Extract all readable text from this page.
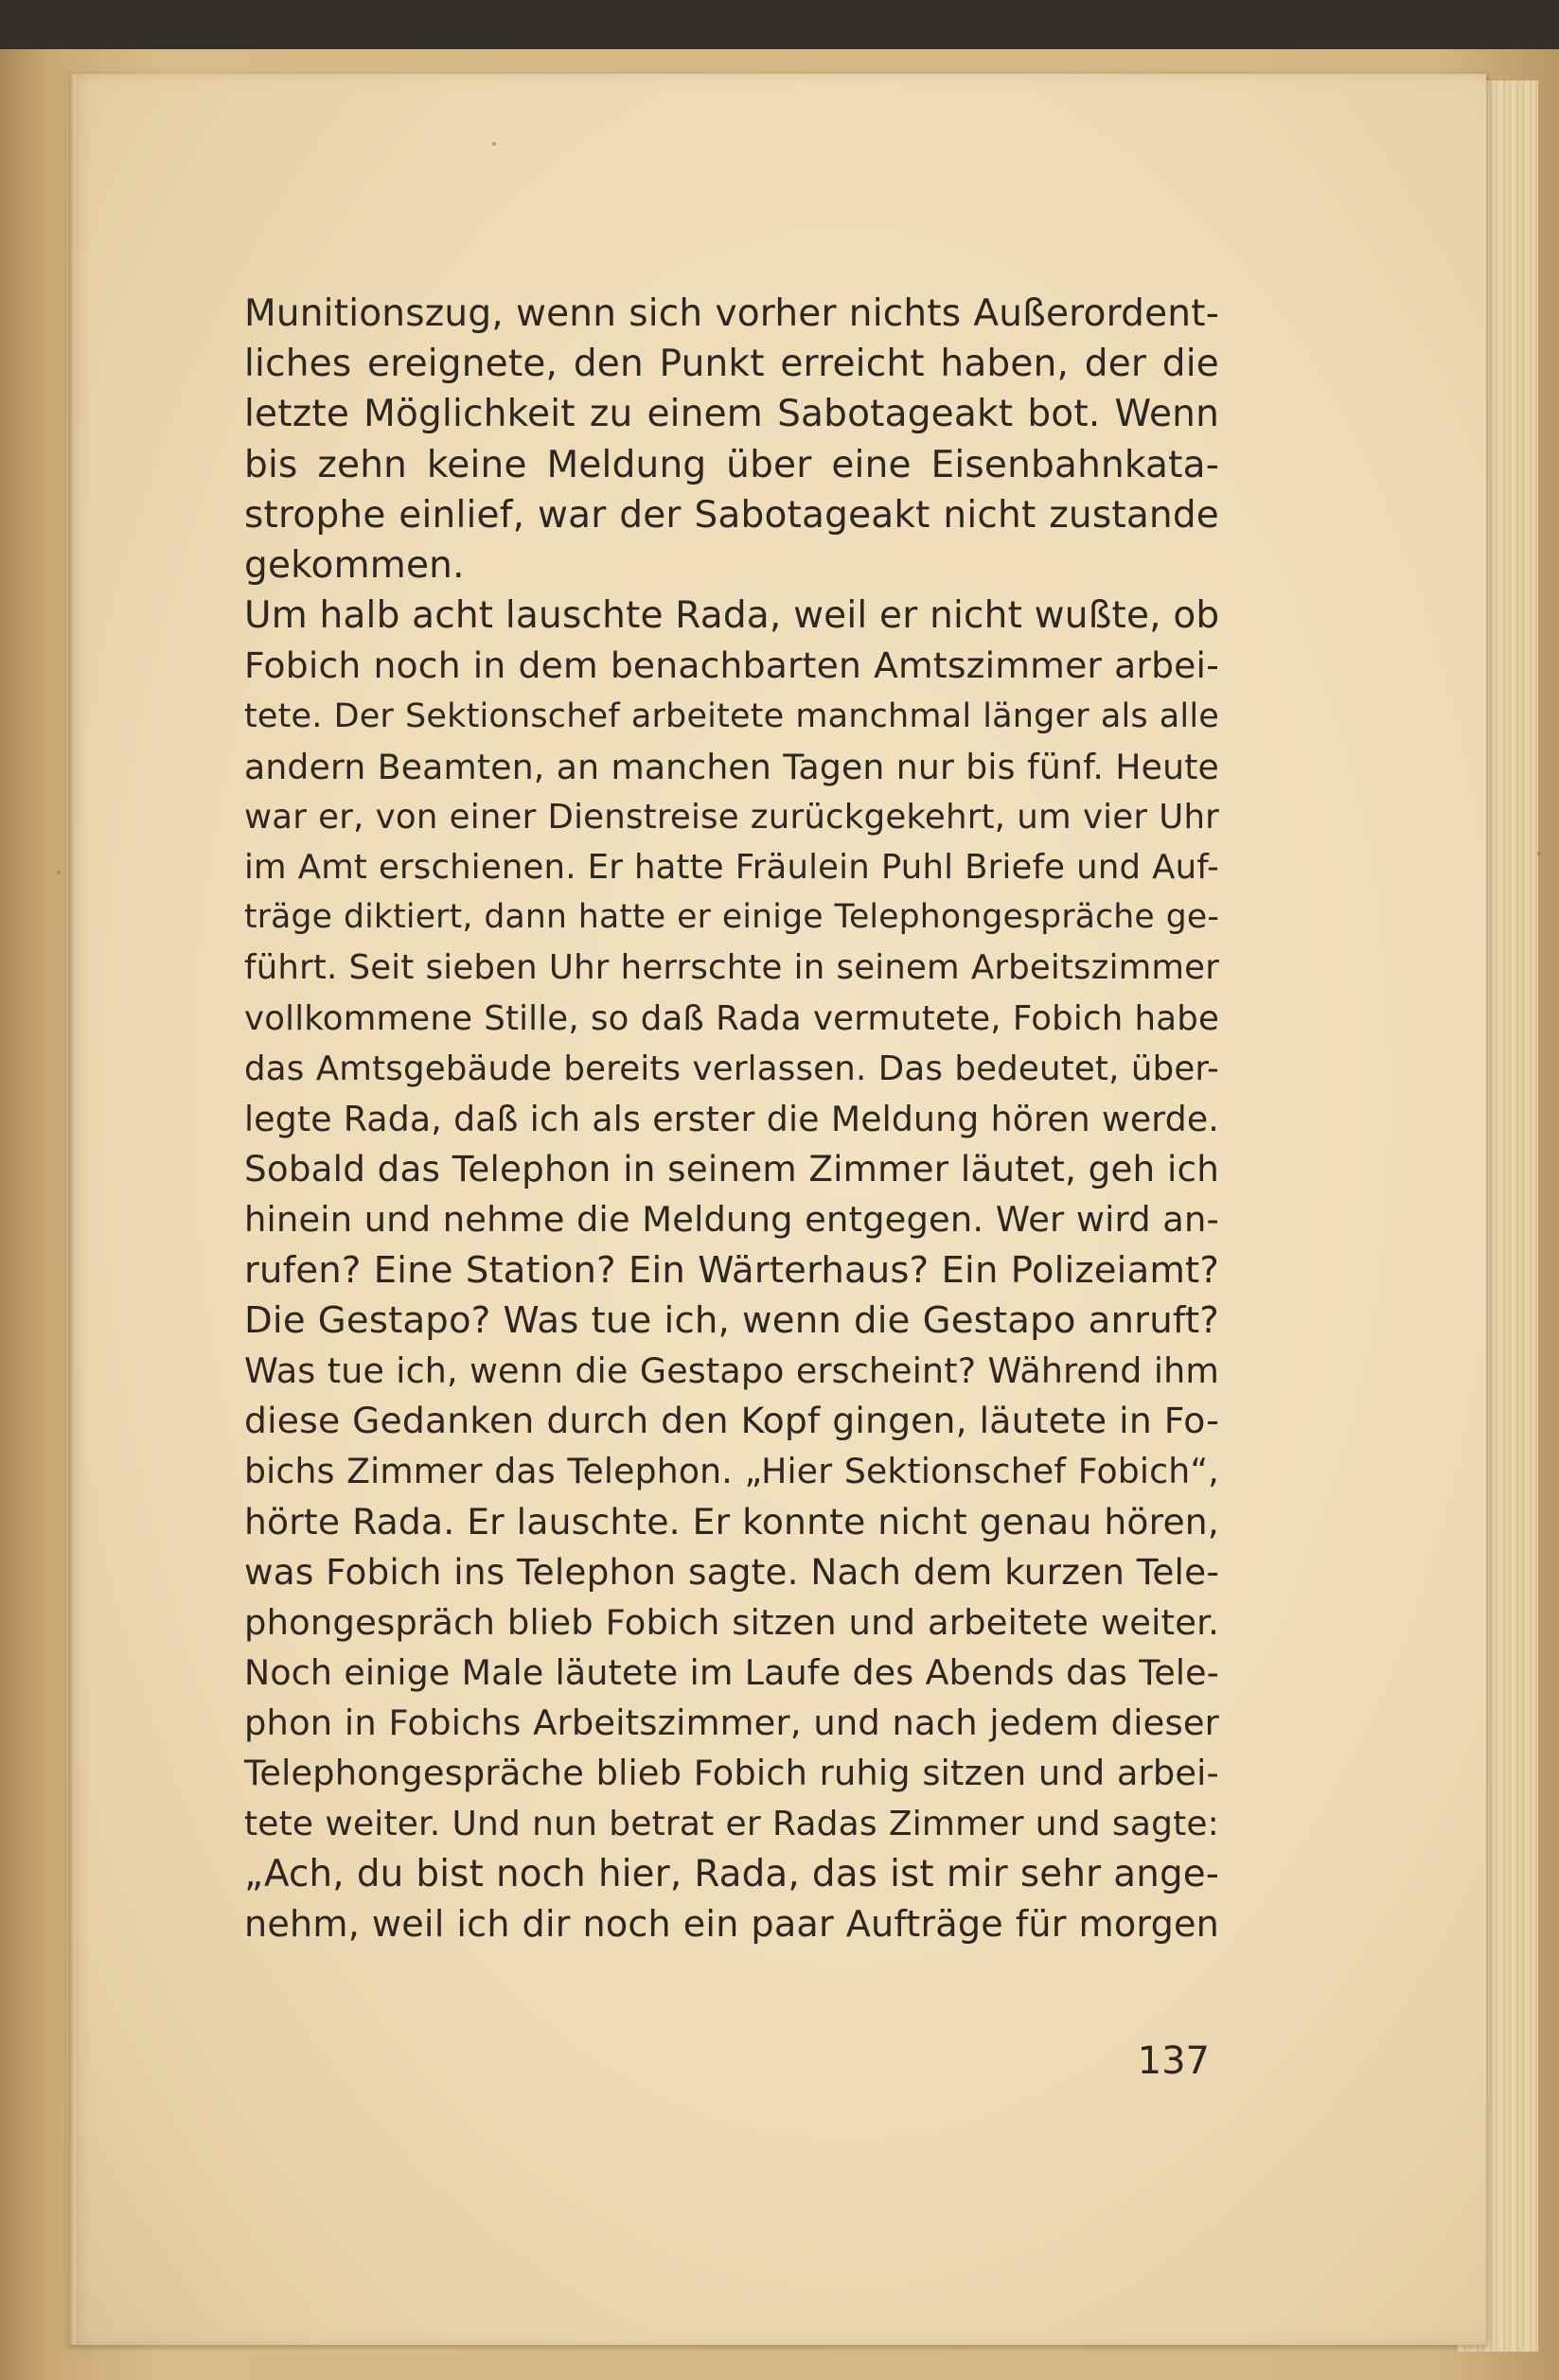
Munitionszug, wenn sich vorher nichts Außerordent-
liches ereignete, den Punkt erreicht haben, der die
letzte Möglichkeit zu einem Sabotageakt bot. Wenn
bis zehn keine Meldung über eine Eisenbahnkata-
strophe einlief, war der Sabotageakt nicht zustande
gekommen.
Um halb acht lauschte Rada, weil er nicht wußte, ob
Fobich noch in dem benachbarten Amtszimmer arbei-
tete. Der Sektionschef arbeitete manchmal länger als alle
andern Beamten, an manchen Tagen nur bis fünf. Heute
war er, von einer Dienstreise zurückgekehrt, um vier Uhr
im Amt erschienen. Er hatte Fräulein Puhl Briefe und Auf-
träge diktiert, dann hatte er einige Telephongespräche ge-
führt. Seit sieben Uhr herrschte in seinem Arbeitszimmer
vollkommene Stille, so daß Rada vermutete, Fobich habe
das Amtsgebäude bereits verlassen. Das bedeutet, über-
legte Rada, daß ich als erster die Meldung hören werde.
Sobald das Telephon in seinem Zimmer läutet, geh ich
hinein und nehme die Meldung entgegen. Wer wird an-
rufen? Eine Station? Ein Wärterhaus? Ein Polizeiamt?
Die Gestapo? Was tue ich, wenn die Gestapo anruft?
Was tue ich, wenn die Gestapo erscheint? Während ihm
diese Gedanken durch den Kopf gingen, läutete in Fo-
bichs Zimmer das Telephon. „Hier Sektionschef Fobich“,
hörte Rada. Er lauschte. Er konnte nicht genau hören,
was Fobich ins Telephon sagte. Nach dem kurzen Tele-
phongespräch blieb Fobich sitzen und arbeitete weiter.
Noch einige Male läutete im Laufe des Abends das Tele-
phon in Fobichs Arbeitszimmer, und nach jedem dieser
Telephongespräche blieb Fobich ruhig sitzen und arbei-
tete weiter. Und nun betrat er Radas Zimmer und sagte:
„Ach, du bist noch hier, Rada, das ist mir sehr ange-
nehm, weil ich dir noch ein paar Aufträge für morgen
137
